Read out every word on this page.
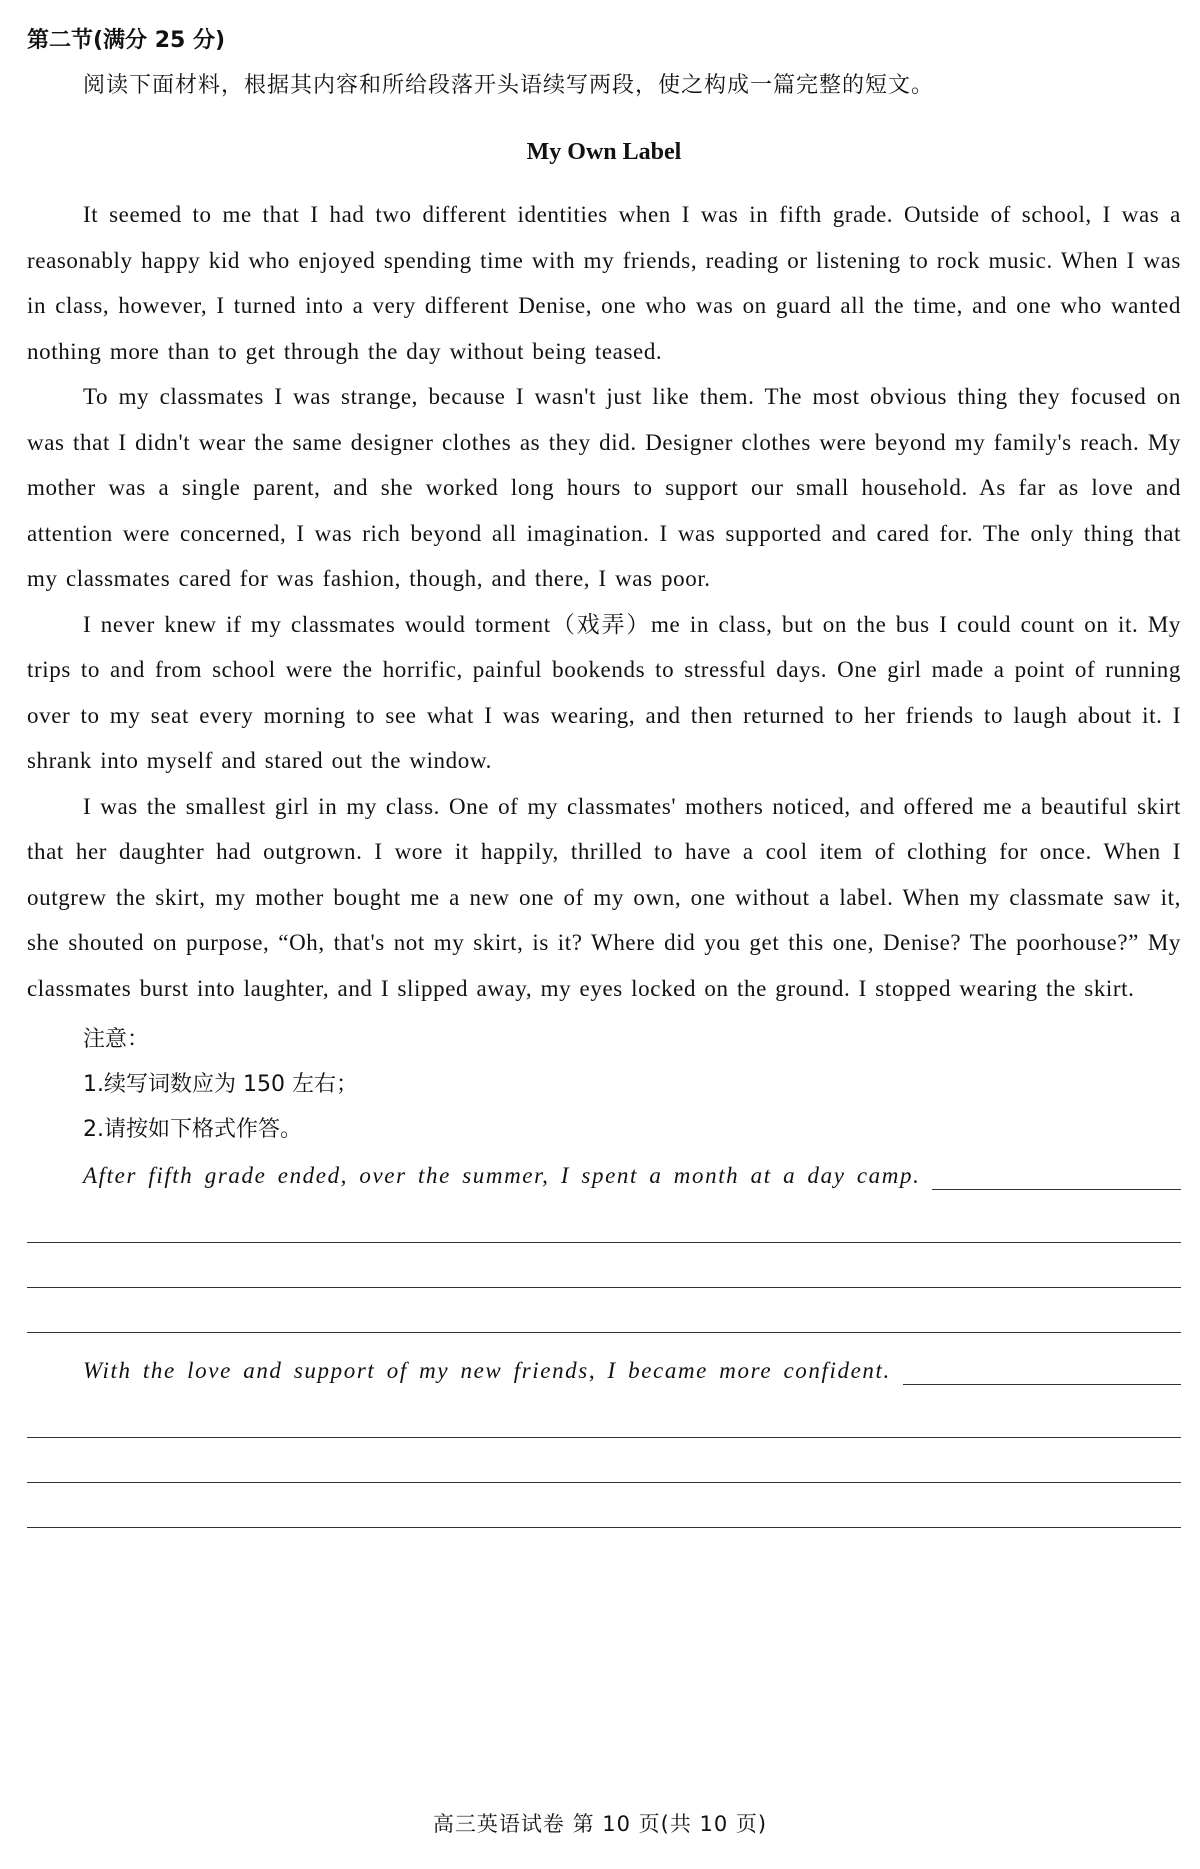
第二节(满分 25 分)
阅读下面材料，根据其内容和所给段落开头语续写两段，使之构成一篇完整的短文。
My Own Label

It seemed to me that I had two different identities when I was in fifth grade. Outside of school, I was a reasonably happy kid who enjoyed spending time with my friends, reading or listening to rock music. When I was in class, however, I turned into a very different Denise, one who was on guard all the time, and one who wanted nothing more than to get through the day without being teased.

To my classmates I was strange, because I wasn't just like them. The most obvious thing they focused on was that I didn't wear the same designer clothes as they did. Designer clothes were beyond my family's reach. My mother was a single parent, and she worked long hours to support our small household. As far as love and attention were concerned, I was rich beyond all imagination. I was supported and cared for. The only thing that my classmates cared for was fashion, though, and there, I was poor.

I never knew if my classmates would torment（戏弄）me in class, but on the bus I could count on it. My trips to and from school were the horrific, painful bookends to stressful days. One girl made a point of running over to my seat every morning to see what I was wearing, and then returned to her friends to laugh about it. I shrank into myself and stared out the window.

I was the smallest girl in my class. One of my classmates' mothers noticed, and offered me a beautiful skirt that her daughter had outgrown. I wore it happily, thrilled to have a cool item of clothing for once. When I outgrew the skirt, my mother bought me a new one of my own, one without a label. When my classmate saw it, she shouted on purpose, “Oh, that's not my skirt, is it? Where did you get this one, Denise? The poorhouse?” My classmates burst into laughter, and I slipped away, my eyes locked on the ground. I stopped wearing the skirt.

注意：
1.续写词数应为 150 左右；
2.请按如下格式作答。
After fifth grade ended, over the summer, I spent a month at a day camp.
With the love and support of my new friends, I became more confident.
高三英语试卷 第 10 页(共 10 页)
